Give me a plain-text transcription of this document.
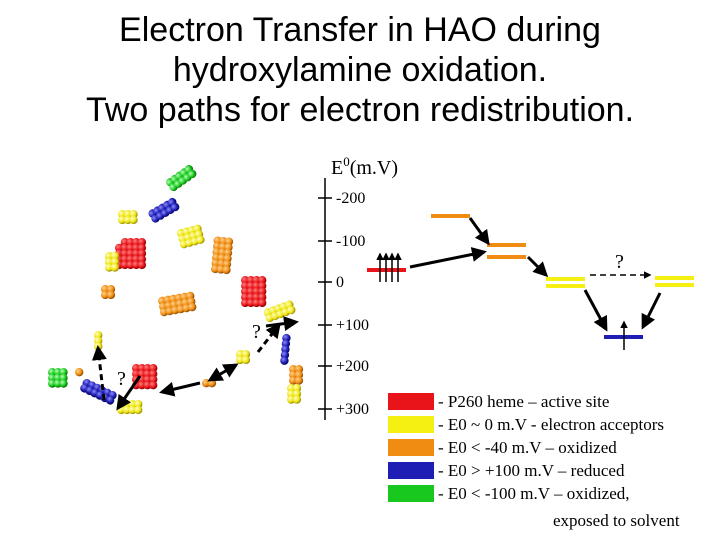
?
?
$E^0(m.V)$
-200
-100
0
+100
+200
+300
?
Electron Transfer in HAO during
hydroxylamine oxidation.
Two paths for electron redistribution.
- P260 heme – active site
- E0 ~ 0 m.V - electron acceptors
- E0 < -40 m.V – oxidized
- E0 > +100 m.V – reduced
- E0 < -100 m.V – oxidized,
exposed to solvent
